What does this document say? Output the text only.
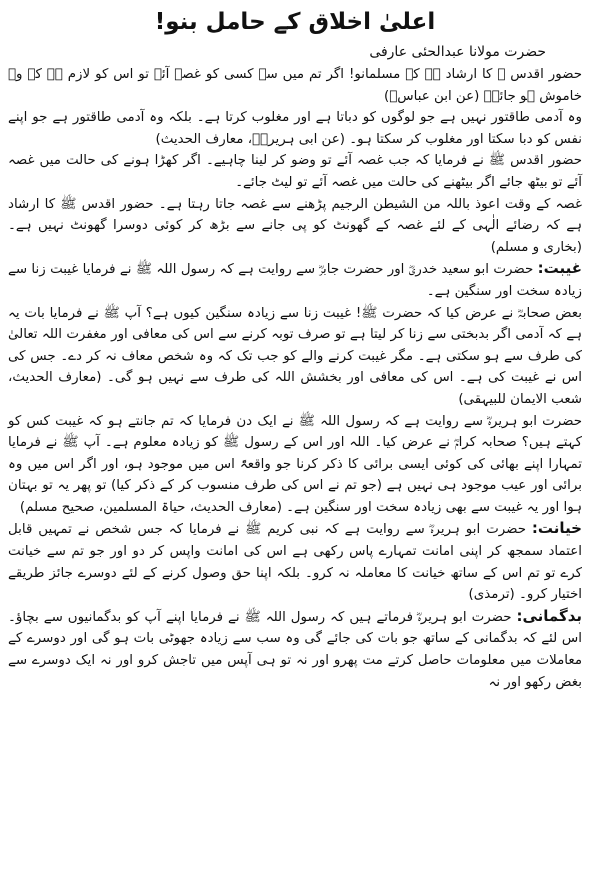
اعلیٰ اخلاق کے حامل بنو!
حضرت مولانا عبدالحئی عارفی

حضور اقدس ﷺ کا ارشاد ہے کہ مسلمانو! اگر تم میں سے کسی کو غصہ آئے تو اس کو لازم ہے کہ وہ خاموش ہو جائے۔ (عن ابن عباسؓ)

وہ آدمی طاقتور نہیں ہے جو لوگوں کو دباتا ہے اور مغلوب کرتا ہے۔ بلکہ وہ آدمی طاقتور ہے جو اپنے نفس کو دبا سکتا اور مغلوب کر سکتا ہو۔ (عن ابی ہریرہؓ، معارف الحدیث)

حضور اقدس ﷺ نے فرمایا کہ جب غصہ آئے تو وضو کر لینا چاہیے۔ اگر کھڑا ہونے کی حالت میں غصہ آئے تو بیٹھ جائے اگر بیٹھنے کی حالت میں غصہ آئے تو لیٹ جائے۔

غصہ کے وقت اعوذ باللہ من الشیطن الرجیم پڑھنے سے غصہ جاتا رہتا ہے۔ حضور اقدس ﷺ کا ارشاد ہے کہ رضائے الٰہی کے لئے غصہ کے گھونٹ کو پی جانے سے بڑھ کر کوئی دوسرا گھونٹ نہیں ہے۔ (بخاری و مسلم)

غیبت: حضرت ابو سعید خدریؓ اور حضرت جابرؓ سے روایت ہے کہ رسول اللہ ﷺ نے فرمایا غیبت زنا سے زیادہ سخت اور سنگین ہے۔

بعض صحابہؓ نے عرض کیا کہ حضرت ﷺ! غیبت زنا سے زیادہ سنگین کیوں ہے؟ آپ ﷺ نے فرمایا بات یہ ہے کہ آدمی اگر بدبختی سے زنا کر لیتا ہے تو صرف توبہ کرنے سے اس کی معافی اور مغفرت اللہ تعالیٰ کی طرف سے ہو سکتی ہے۔ مگر غیبت کرنے والے کو جب تک کہ وہ شخص معاف نہ کر دے۔ جس کی اس نے غیبت کی ہے۔ اس کی معافی اور بخشش اللہ کی طرف سے نہیں ہو گی۔ (معارف الحدیث، شعب الایمان للبیہقی)

حضرت ابو ہریرہؓ سے روایت ہے کہ رسول اللہ ﷺ نے ایک دن فرمایا کہ تم جانتے ہو کہ غیبت کس کو کہتے ہیں؟ صحابہ کرامؓ نے عرض کیا۔ اللہ اور اس کے رسول ﷺ کو زیادہ معلوم ہے۔ آپ ﷺ نے فرمایا تمہارا اپنے بھائی کی کوئی ایسی برائی کا ذکر کرنا جو واقعۃً اس میں موجود ہو، اور اگر اس میں وہ برائی اور عیب موجود ہی نہیں ہے (جو تم نے اس کی طرف منسوب کر کے ذکر کیا) تو پھر یہ تو بہتان ہوا اور یہ غیبت سے بھی زیادہ سخت اور سنگین ہے۔ (معارف الحدیث، حیاۃ المسلمین، صحیح مسلم)

خیانت: حضرت ابو ہریرہؓ سے روایت ہے کہ نبی کریم ﷺ نے فرمایا کہ جس شخص نے تمہیں قابل اعتماد سمجھ کر اپنی امانت تمہارے پاس رکھی ہے اس کی امانت واپس کر دو اور جو تم سے خیانت کرے تو تم اس کے ساتھ خیانت کا معاملہ نہ کرو۔ بلکہ اپنا حق وصول کرنے کے لئے دوسرے جائز طریقے اختیار کرو۔ (ترمذی)

بدگمانی: حضرت ابو ہریرہؓ فرماتے ہیں کہ رسول اللہ ﷺ نے فرمایا اپنے آپ کو بدگمانیوں سے بچاؤ۔ اس لئے کہ بدگمانی کے ساتھ جو بات کی جائے گی وہ سب سے زیادہ جھوٹی بات ہو گی اور دوسرے کے معاملات میں معلومات حاصل کرتے مت پھرو اور نہ تو ہی آپس میں تاجش کرو اور نہ ایک دوسرے سے بغض رکھو اور نہ
